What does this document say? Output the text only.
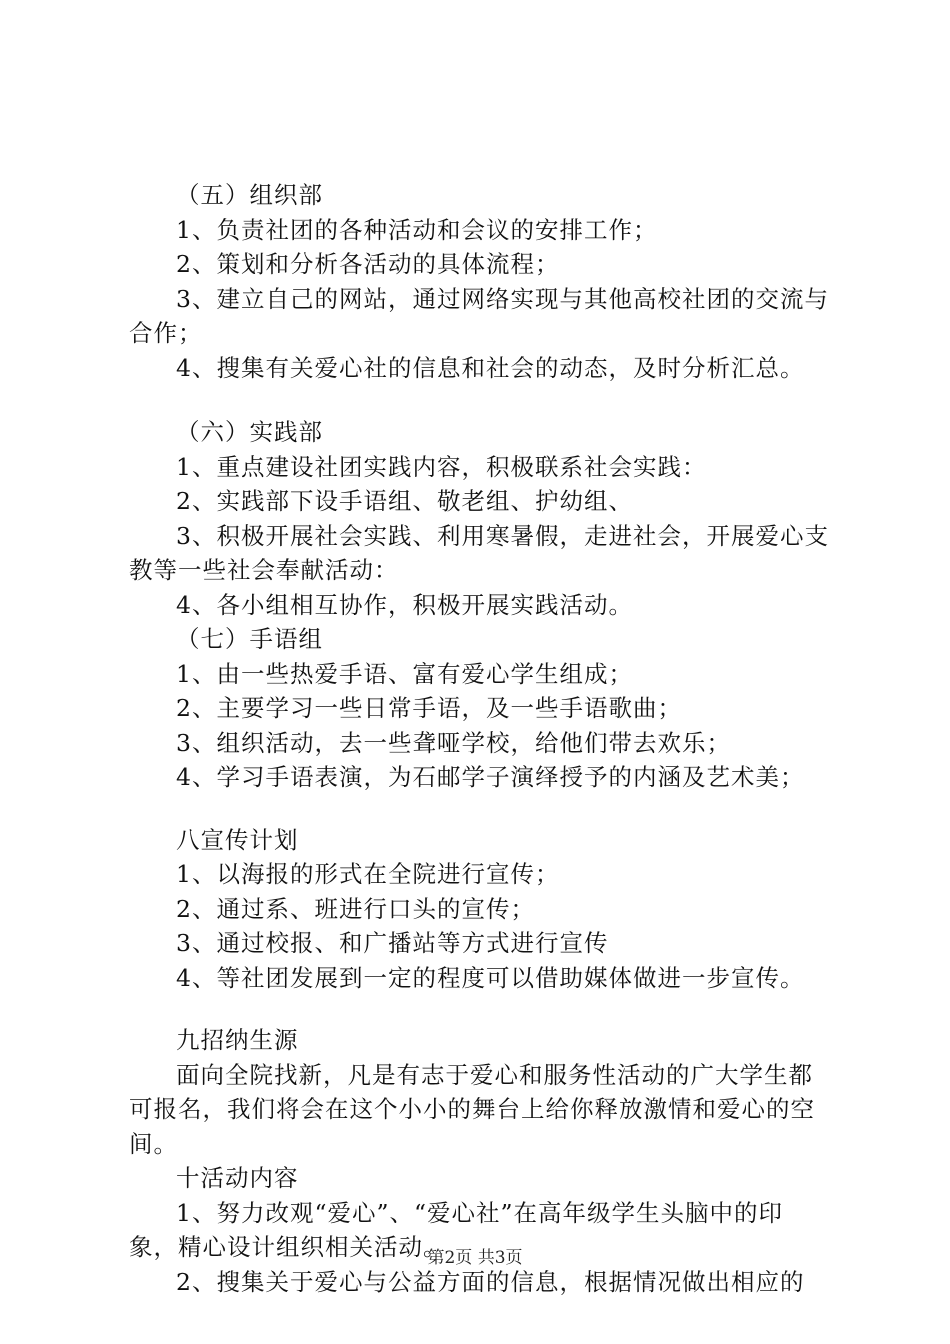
（五）组织部
1、负责社团的各种活动和会议的安排工作；
2、策划和分析各活动的具体流程；
3、建立自己的网站，通过网络实现与其他高校社团的交流与合作；
4、搜集有关爱心社的信息和社会的动态，及时分析汇总。
（六）实践部
1、重点建设社团实践内容，积极联系社会实践：
2、实践部下设手语组、敬老组、护幼组、
3、积极开展社会实践、利用寒暑假，走进社会，开展爱心支教等一些社会奉献活动：
4、各小组相互协作，积极开展实践活动。
（七）手语组
1、由一些热爱手语、富有爱心学生组成；
2、主要学习一些日常手语，及一些手语歌曲；
3、组织活动，去一些聋哑学校，给他们带去欢乐；
4、学习手语表演，为石邮学子演绎授予的内涵及艺术美；
八宣传计划
1、以海报的形式在全院进行宣传；
2、通过系、班进行口头的宣传；
3、通过校报、和广播站等方式进行宣传
4、等社团发展到一定的程度可以借助媒体做进一步宣传。
九招纳生源
面向全院找新，凡是有志于爱心和服务性活动的广大学生都可报名，我们将会在这个小小的舞台上给你释放激情和爱心的空间。
十活动内容
1、努力改观“爱心”、“爱心社”在高年级学生头脑中的印象，精心设计组织相关活动。
2、搜集关于爱心与公益方面的信息，根据情况做出相应的
第2页 共3页
